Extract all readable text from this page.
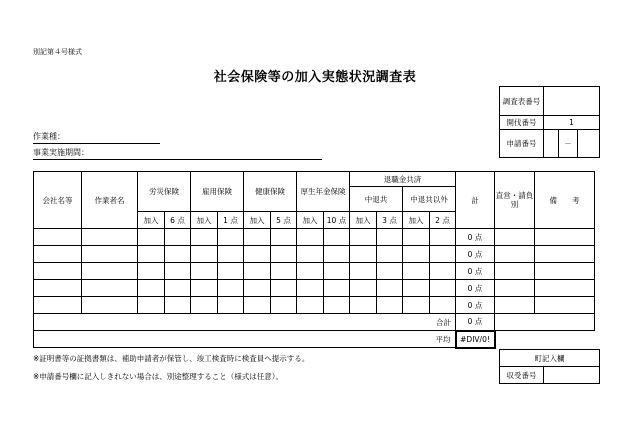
別記第４号様式
社会保険等の加入実態状況調査表
作業種：
事業実施期間：
調査表番号			
開伐番号	1		
申請番号		－	
会社名等	作業者名	労災保険		雇用保険		健康保険		厚生年金保険		退職金共済				計	直営・請負別	備　　考
										中退共		中退共以外				
		加入	6 点	加入	1 点	加入	5 点	加入	10 点	加入	3 点	加入	2 点			
														0 点		
														0 点		
														0 点		
														0 点		
														0 点		
合計														0 点		
平均														#DIV/0!		
※証明書等の証拠書類は、補助申請者が保管し、竣工検査時に検査員へ提示する。
※申請番号欄に記入しきれない場合は、別途整理すること（様式は任意）。
町記入欄
収受番号	
